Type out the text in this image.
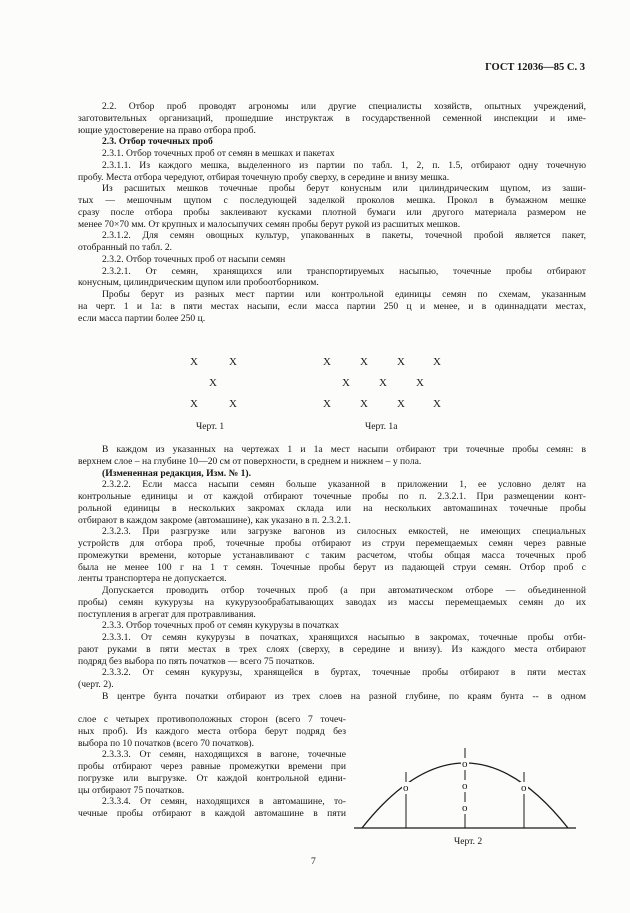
ГОСТ 12036—85 С. 3

2.2. Отбор проб проводят агрономы или другие специалисты хозяйств, опытных учреждений,

заготовительных организаций, прошедшие инструктаж в государственной семенной инспекции и име-

ющие удостоверение на право отбора проб.

2.3. Отбор точечных проб

2.3.1. Отбор точечных проб от семян в мешках и пакетах

2.3.1.1. Из каждого мешка, выделенного из партии по табл. 1, 2, п. 1.5, отбирают одну точечную

пробу. Места отбора чередуют, отбирая точечную пробу сверху, в середине и внизу мешка.

Из расшитых мешков точечные пробы берут конусным или цилиндрическим щупом, из заши-

тых — мешочным щупом с последующей заделкой проколов мешка. Прокол в бумажном мешке

сразу после отбора пробы заклеивают кусками плотной бумаги или другого материала размером не

менее 70×70 мм. От крупных и малосыпучих семян пробы берут рукой из расшитых мешков.

2.3.1.2. Для семян овощных культур, упакованных в пакеты, точечной пробой является пакет,

отобранный по табл. 2.

2.3.2. Отбор точечных проб от насыпи семян

2.3.2.1. От семян, хранящихся или транспортируемых насыпью, точечные пробы отбирают

конусным, цилиндрическим щупом или пробоотборником.

Пробы берут из разных мест партии или контрольной единицы семян по схемам, указанным

на черт. 1 и 1а: в пяти местах насыпи, если масса партии 250 ц и менее, и в одиннадцати местах,

если масса партии более 250 ц.

X	X
X
X	X
Черт. 1
X	X	X	X
X	X	X
X	X	X	X
Черт. 1а

В каждом из указанных на чертежах 1 и 1а мест насыпи отбирают три точечные пробы семян: в

верхнем слое – на глубине 10—20 см от поверхности, в среднем и нижнем – у пола.

(Измененная редакция, Изм. № 1).

2.3.2.2. Если масса насыпи семян больше указанной в приложении 1, ее условно делят на

контрольные единицы и от каждой отбирают точечные пробы по п. 2.3.2.1. При размещении конт-

рольной единицы в нескольких закромах склада или на нескольких автомашинах точечные пробы

отбирают в каждом закроме (автомашине), как указано в п. 2.3.2.1.

2.3.2.3. При разгрузке или загрузке вагонов из силосных емкостей, не имеющих специальных

устройств для отбора проб, точечные пробы отбирают из струи перемещаемых семян через равные

промежутки времени, которые устанавливают с таким расчетом, чтобы общая масса точечных проб

была не менее 100 г на 1 т семян. Точечные пробы берут из падающей струи семян. Отбор проб с

ленты транспортера не допускается.

Допускается проводить отбор точечных проб (а при автоматическом отборе — объединенной

пробы) семян кукурузы на кукурузообрабатывающих заводах из массы перемещаемых семян до их

поступления в агрегат для протравливания.

2.3.3. Отбор точечных проб от семян кукурузы в початках

2.3.3.1. От семян кукурузы в початках, хранящихся насыпью в закромах, точечные пробы отби-

рают руками в пяти местах в трех слоях (сверху, в середине и внизу). Из каждого места отбирают

подряд без выбора по пять початков — всего 75 початков.

2.3.3.2. От семян кукурузы, хранящейся в буртах, точечные пробы отбирают в пяти местах

(черт. 2).

В центре бунта початки отбирают из трех слоев на разной глубине, по краям бунта -- в одном

слое с четырех противоположных сторон (всего 7 точеч-

ных проб). Из каждого места отбора берут подряд без

выбора по 10 початков (всего 70 початков).

2.3.3.3. От семян, находящихся в вагоне, точечные

пробы отбирают через равные промежутки времени при

погрузке или выгрузке. От каждой контрольной едини-

цы отбирают 75 початков.

2.3.3.4. От семян, находящихся в автомашине, то-

чечные пробы отбирают в каждой автомашине в пяти

o
o
o
o
o
Черт. 2
7
